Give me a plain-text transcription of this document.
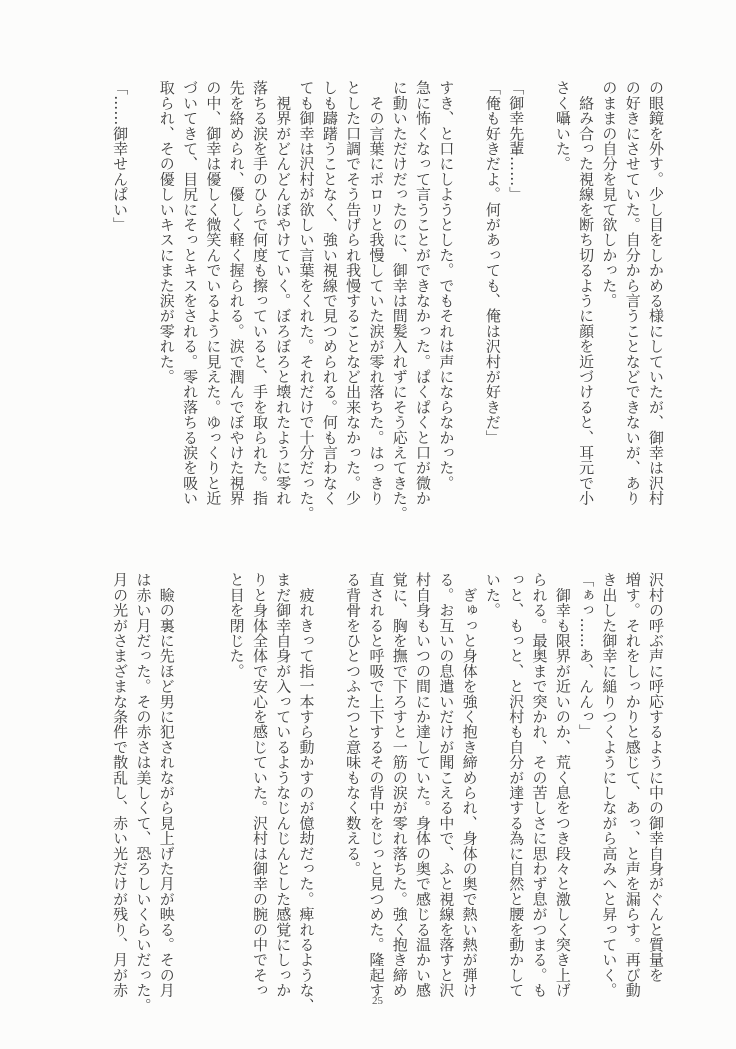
の眼鏡を外す。少し目をしかめる様にしていたが、御幸は沢村
の好きにさせていた。自分から言うことなどできないが、あり
のままの自分を見て欲しかった。
　絡み合った視線を断ち切るように顔を近づけると、耳元で小
さく囁いた。
「御幸先輩……」
「俺も好きだよ。何があっても、俺は沢村が好きだ」
すき、と口にしようとした。でもそれは声にならなかった。
急に怖くなって言うことができなかった。ぱくぱくと口が微か
に動いただけだったのに、御幸は間髪入れずにそう応えてきた。
　その言葉にポロリと我慢していた涙が零れ落ちた。はっきり
とした口調でそう告げられ我慢することなど出来なかった。少
しも躊躇うことなく、強い視線で見つめられる。何も言わなく
ても御幸は沢村が欲しい言葉をくれた。それだけで十分だった。
　視界がどんどんぼやけていく。ぼろぼろと壊れたように零れ
落ちる涙を手のひらで何度も擦っていると、手を取られた。指
先を絡められ、優しく軽く握られる。涙で潤んでぼやけた視界
の中、御幸は優しく微笑んでいるように見えた。ゆっくりと近
づいてきて、目尻にそっとキスをされる。零れ落ちる涙を吸い
取られ、その優しいキスにまた涙が零れた。
「……御幸せんぱい」
沢村の呼ぶ声に呼応するように中の御幸自身がぐんと質量を
増す。それをしっかりと感じて、あっ、と声を漏らす。再び動
き出した御幸に縋りつくようにしながら高みへと昇っていく。
「ぁっ……あ、んんっ」
　御幸も限界が近いのか、荒く息をつき段々と激しく突き上げ
られる。最奥まで突かれ、その苦しさに思わず息がつまる。も
っと、もっと、と沢村も自分が達する為に自然と腰を動かして
いた。
　ぎゅっと身体を強く抱き締められ、身体の奥で熱い熱が弾け
る。お互いの息遣いだけが聞こえる中で、ふと視線を落すと沢
村自身もいつの間にか達していた。身体の奥で感じる温かい感
覚に、胸を撫で下ろすと一筋の涙が零れ落ちた。強く抱き締め
直されると呼吸で上下するその背中をじっと見つめた。隆起す
る背骨をひとつふたつと意味もなく数える。
　疲れきって指一本すら動かすのが億劫だった。痺れるような、
まだ御幸自身が入っているようなじんじんとした感覚にしっか
りと身体全体で安心を感じていた。沢村は御幸の腕の中でそっ
と目を閉じた。
　瞼の裏に先ほど男に犯されながら見上げた月が映る。その月
は赤い月だった。その赤さは美しくて、恐ろしいくらいだった。
月の光がさまざまな条件で散乱し、赤い光だけが残り、月が赤
25
